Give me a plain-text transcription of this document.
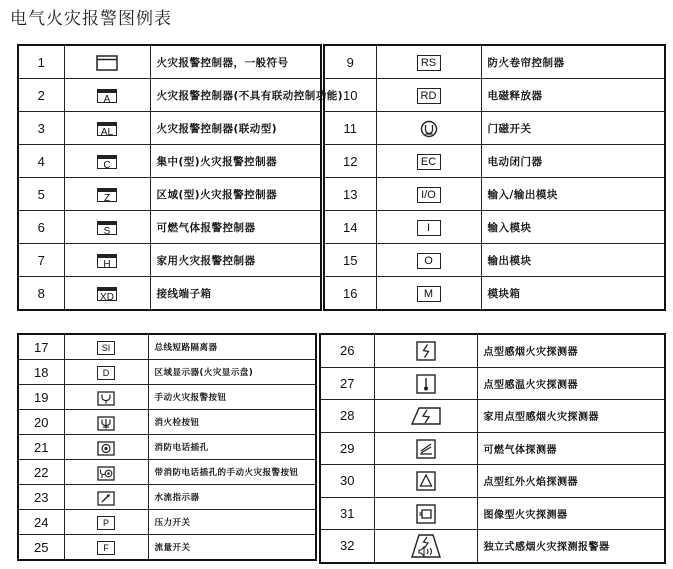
电气火灾报警图例表
1		火灾报警控制器，一般符号
2	A	火灾报警控制器(不具有联动控制功能)
3	AL	火灾报警控制器(联动型)
4	C	集中(型)火灾报警控制器
5	Z	区域(型)火灾报警控制器
6	S	可燃气体报警控制器
7	H	家用火灾报警控制器
8	XD	接线端子箱
9	RS	防火卷帘控制器
10	RD	电磁释放器
11		门磁开关
12	EC	电动闭门器
13	I/O	输入/输出模块
14	I	输入模块
15	O	输出模块
16	M	模块箱
17	SI	总线短路隔离器
18	D	区域显示器(火灾显示盘)
19		手动火灾报警按钮
20		消火栓按钮
21		消防电话插孔
22		带消防电话插孔的手动火灾报警按钮
23		水流指示器
24	P	压力开关
25	F	流量开关
26		点型感烟火灾探测器
27		点型感温火灾探测器
28		家用点型感烟火灾探测器
29		可燃气体探测器
30		点型红外火焰探测器
31		图像型火灾探测器
32		独立式感烟火灾探测报警器
